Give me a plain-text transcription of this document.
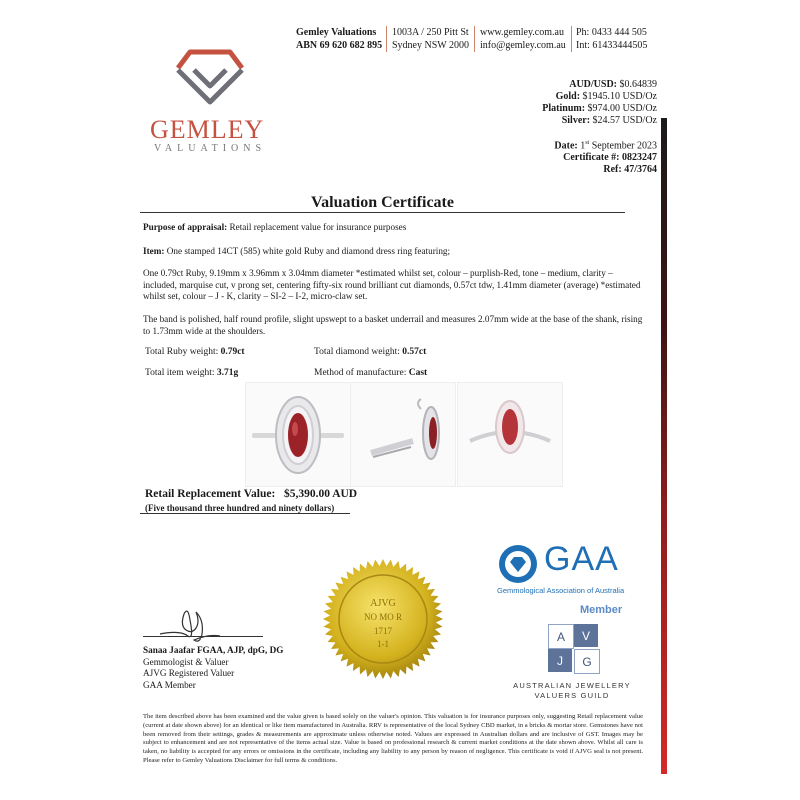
Gemley Valuations
ABN 69 620 682 895
1003A / 250 Pitt St
Sydney NSW 2000
www.gemley.com.au
info@gemley.com.au
Ph: 0433 444 505
Int: 61433444505
GEMLEY
VALUATIONS
AUD/USD: $0.64839
Gold: $1945.10 USD/Oz
Platinum: $974.00 USD/Oz
Silver: $24.57 USD/Oz
Date: 1st September 2023
Certificate #: 0823247
Ref: 47/3764
Valuation Certificate
Purpose of appraisal: Retail replacement value for insurance purposes
Item: One stamped 14CT (585) white gold Ruby and diamond dress ring featuring;
One 0.79ct Ruby, 9.19mm x 3.96mm x 3.04mm diameter *estimated whilst set, colour – purplish-Red, tone – medium, clarity – included, marquise cut, v prong set, centering fifty-six round brilliant cut diamonds, 0.57ct tdw, 1.41mm diameter (average) *estimated whilst set, colour – J - K, clarity – SI-2 – I-2, micro-claw set.
The band is polished, half round profile, slight upswept to a basket underrail and measures 2.07mm wide at the base of the shank, rising to 1.73mm wide at the shoulders.
Total Ruby weight: 0.79ct	Total diamond weight: 0.57ct
Total item weight: 3.71g	Method of manufacture: Cast
Retail Replacement Value: $5,390.00 AUD
(Five thousand three hundred and ninety dollars)
AJVG
NO MO R
1717
1-1
GAA
Gemmological Association of Australia
Member
A	V
J	G
AUSTRALIAN JEWELLERY
VALUERS GUILD
Sanaa Jaafar FGAA, AJP, dpG, DG
Gemmologist & Valuer
AJVG Registered Valuer
GAA Member
The item described above has been examined and the value given is based solely on the valuer's opinion. This valuation is for insurance purposes only, suggesting Retail replacement value (current at date shown above) for an identical or like item manufactured in Australia. RRV is representative of the local Sydney CBD market, in a bricks & mortar store. Gemstones have not been removed from their settings, grades & measurements are approximate unless otherwise noted. Values are expressed in Australian dollars and are inclusive of GST. Images may be subject to enhancement and are not representative of the items actual size. Value is based on professional research & current market conditions at the date shown above. Whilst all care is taken, no liability is accepted for any errors or omissions in the certificate, including any liability to any person by reason of negligence. This certificate is void if AJVG seal is not present. Please refer to Gemley Valuations Disclaimer for full terms & conditions.
